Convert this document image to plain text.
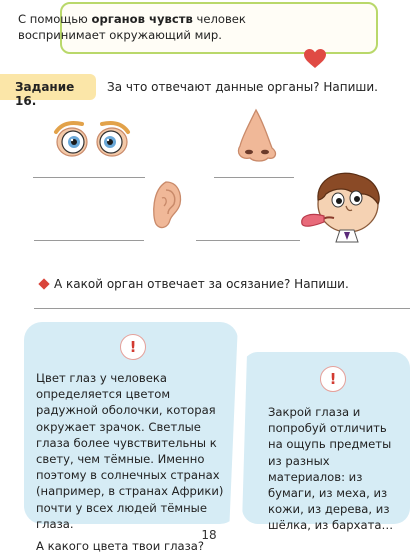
С помощью органов чувств человек воспринимает окружающий мир.
Задание 16.
За что отвечают данные органы? Напиши.
А какой орган отвечает за осязание? Напиши.
!
Цвет глаз у человека определяется цветом радужной оболочки, которая окружает зрачок. Светлые глаза более чувствительны к свету, чем тёмные. Именно поэтому в солнечных странах (например, в странах Африки) почти у всех людей тёмные глаза.
А какого цвета твои глаза?
!
Закрой глаза и попробуй отличить на ощупь предметы из разных материалов: из бумаги, из меха, из кожи, из дерева, из шёлка, из бархата…
18
